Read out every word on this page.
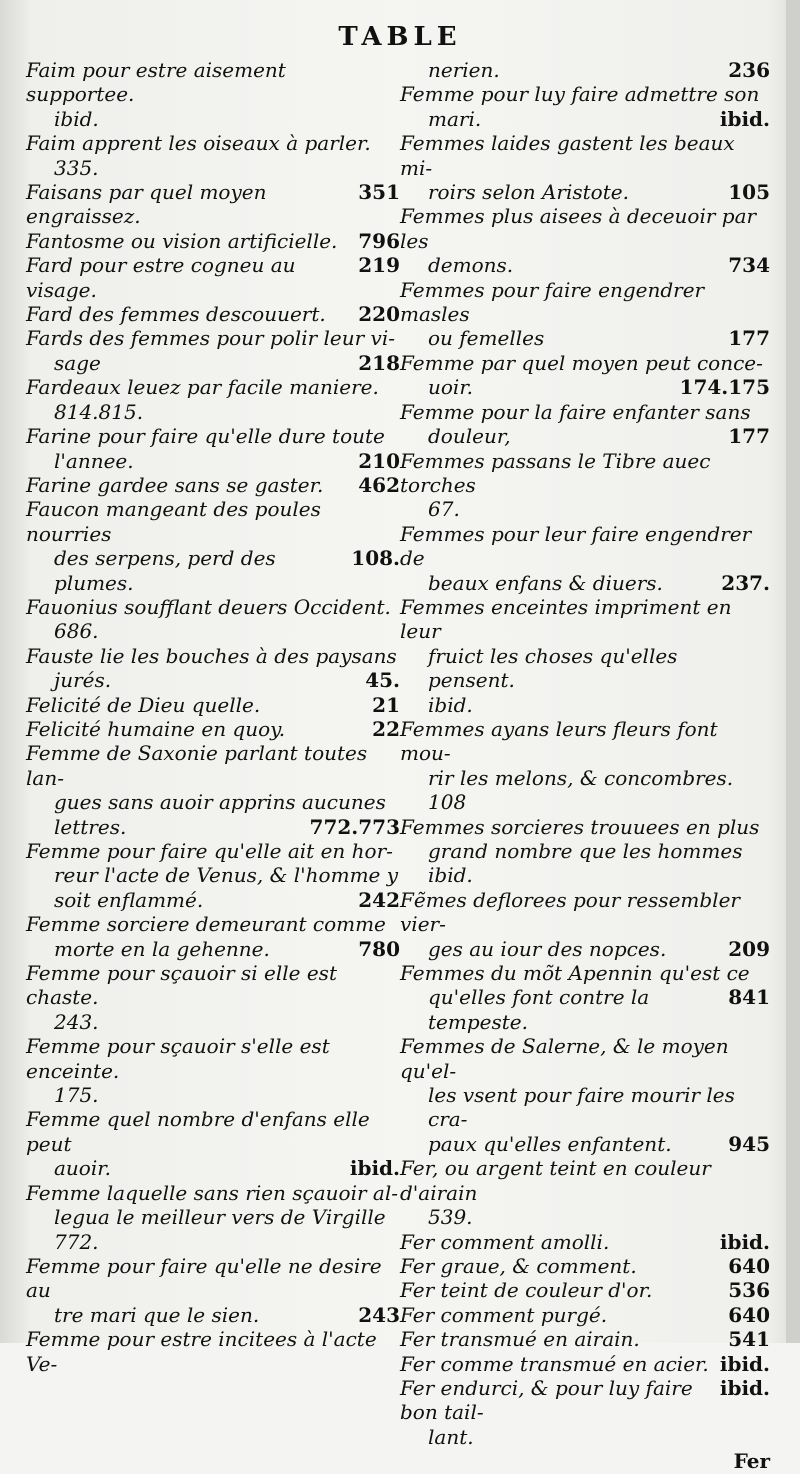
TABLE
Faim pour estre aisement supportee.
ibid.
Faim apprent les oiseaux à parler.
335.
351
Faisans par quel moyen engraissez.
796
Fantosme ou vision artificielle.
219
Fard pour estre cogneu au visage.
220
Fard des femmes descouuert.
Fards des femmes pour polir leur vi-
218
sage
Fardeaux leuez par facile maniere.
814.815.
Farine pour faire qu'elle dure toute
210
l'annee.
462
Farine gardee sans se gaster.
Faucon mangeant des poules nourries
108.
des serpens, perd des plumes.
Fauonius soufflant deuers Occident.
686.
Fauste lie les bouches à des paysans
45.
jurés.
21
Felicité de Dieu quelle.
22
Felicité humaine en quoy.
Femme de Saxonie parlant toutes lan-
gues sans auoir apprins aucunes
772.773
lettres.
Femme pour faire qu'elle ait en hor-
reur l'acte de Venus, & l'homme y
242
soit enflammé.
Femme sorciere demeurant comme
780
morte en la gehenne.
Femme pour sçauoir si elle est chaste.
243.
Femme pour sçauoir s'elle est enceinte.
175.
Femme quel nombre d'enfans elle peut
ibid.
auoir.
Femme laquelle sans rien sçauoir al-
legua le meilleur vers de Virgille
772.
Femme pour faire qu'elle ne desire au
243
tre mari que le sien.
Femme pour estre incitees à l'acte Ve-
236
nerien.
Femme pour luy faire admettre son
ibid.
mari.
Femmes laides gastent les beaux mi-
105
roirs selon Aristote.
Femmes plus aisees à deceuoir par les
734
demons.
Femmes pour faire engendrer masles
177
ou femelles
Femme par quel moyen peut conce-
174.175
uoir.
Femme pour la faire enfanter sans
177
douleur,
Femmes passans le Tibre auec torches
67.
Femmes pour leur faire engendrer de
237.
beaux enfans & diuers.
Femmes enceintes impriment en leur
fruict les choses qu'elles pensent.
ibid.
Femmes ayans leurs fleurs font mou-
rir les melons, & concombres.
108
Femmes sorcieres trouuees en plus
grand nombre que les hommes
ibid.
Fẽmes deflorees pour ressembler vier-
209
ges au iour des nopces.
Femmes du mõt Apennin qu'est ce
841
qu'elles font contre la tempeste.
Femmes de Salerne, & le moyen qu'el-
les vsent pour faire mourir les cra-
945
paux qu'elles enfantent.
Fer, ou argent teint en couleur d'airain
539.
ibid.
Fer comment amolli.
640
Fer graue, & comment.
536
Fer teint de couleur d'or.
640
Fer comment purgé.
541
Fer transmué en airain.
ibid.
Fer comme transmué en acier.
ibid.
Fer endurci, & pour luy faire bon tail-
lant.
Fer
